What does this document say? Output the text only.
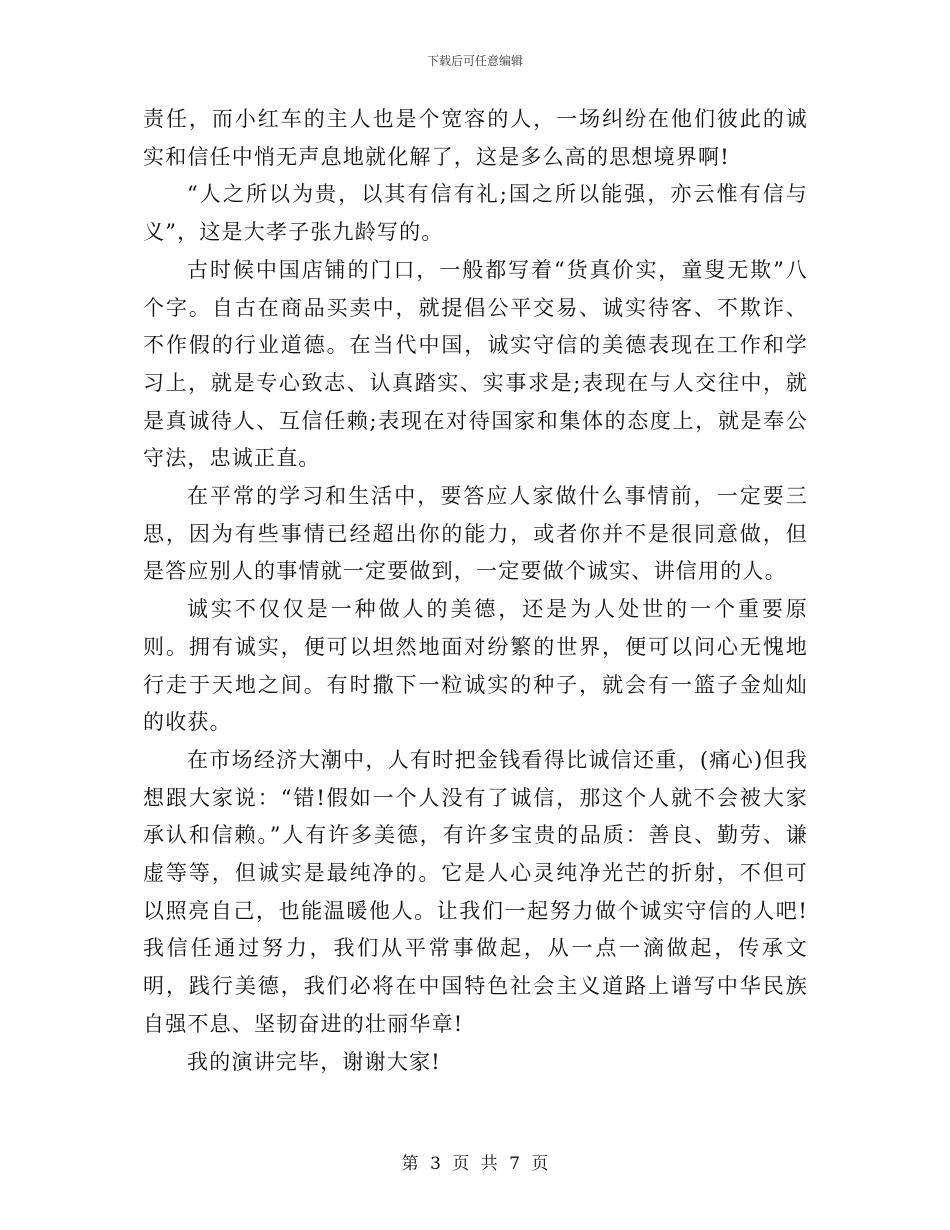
下载后可任意编辑

责任，而小红车的主人也是个宽容的人，一场纠纷在他们彼此的诚实和信任中悄无声息地就化解了，这是多么高的思想境界啊!

“人之所以为贵，以其有信有礼;国之所以能强，亦云惟有信与义”，这是大孝子张九龄写的。

古时候中国店铺的门口，一般都写着“货真价实，童叟无欺”八个字。自古在商品买卖中，就提倡公平交易、诚实待客、不欺诈、不作假的行业道德。在当代中国，诚实守信的美德表现在工作和学习上，就是专心致志、认真踏实、实事求是;表现在与人交往中，就是真诚待人、互信任赖;表现在对待国家和集体的态度上，就是奉公守法，忠诚正直。

在平常的学习和生活中，要答应人家做什么事情前，一定要三思，因为有些事情已经超出你的能力，或者你并不是很同意做，但是答应别人的事情就一定要做到，一定要做个诚实、讲信用的人。

诚实不仅仅是一种做人的美德，还是为人处世的一个重要原则。拥有诚实，便可以坦然地面对纷繁的世界，便可以问心无愧地行走于天地之间。有时撒下一粒诚实的种子，就会有一篮子金灿灿的收获。

在市场经济大潮中，人有时把金钱看得比诚信还重，(痛心)但我想跟大家说：“错!假如一个人没有了诚信，那这个人就不会被大家承认和信赖。”人有许多美德，有许多宝贵的品质：善良、勤劳、谦虚等等，但诚实是最纯净的。它是人心灵纯净光芒的折射，不但可以照亮自己，也能温暖他人。让我们一起努力做个诚实守信的人吧!我信任通过努力，我们从平常事做起，从一点一滴做起，传承文明，践行美德，我们必将在中国特色社会主义道路上谱写中华民族自强不息、坚韧奋进的壮丽华章!

我的演讲完毕，谢谢大家!

第 3 页 共 7 页
